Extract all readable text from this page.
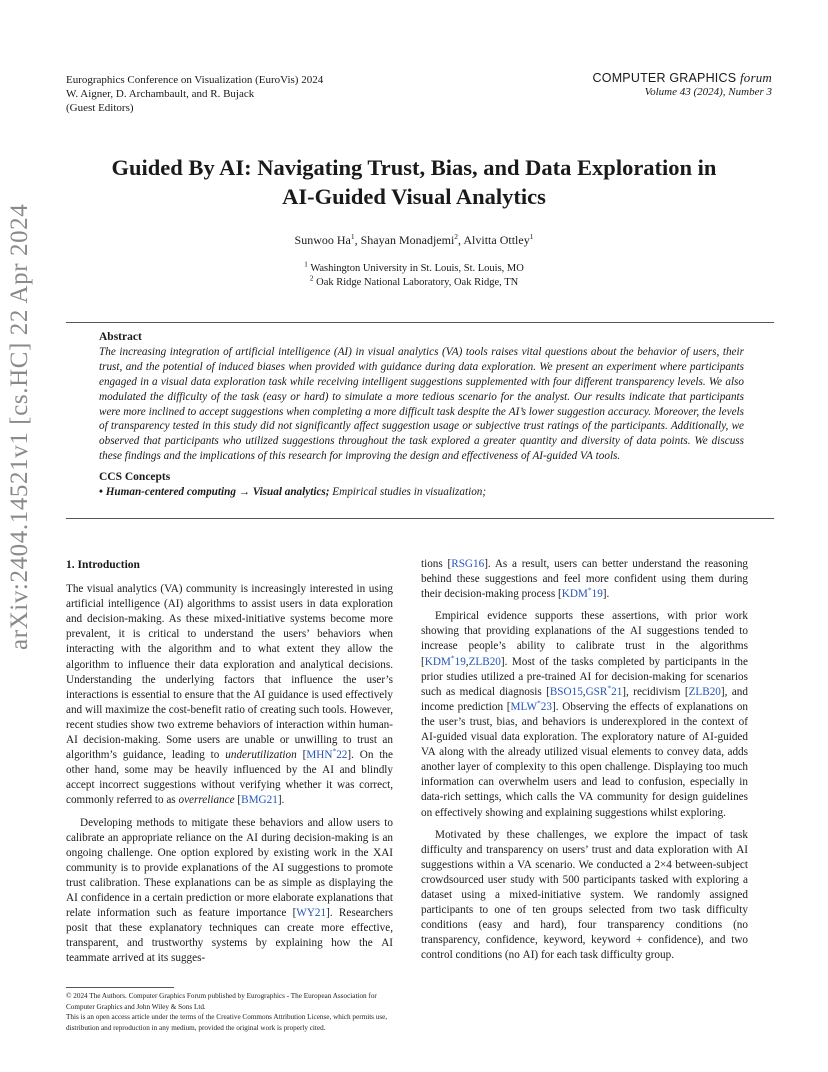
Eurographics Conference on Visualization (EuroVis) 2024
W. Aigner, D. Archambault, and R. Bujack
(Guest Editors)
COMPUTER GRAPHICS forum
Volume 43 (2024), Number 3
arXiv:2404.14521v1 [cs.HC] 22 Apr 2024
Guided By AI: Navigating Trust, Bias, and Data Exploration in
AI-Guided Visual Analytics
Sunwoo Ha$^1$, Shayan Monadjemi$^2$, Alvitta Ottley$^1$
$^1$ Washington University in St. Louis, St. Louis, MO
$^2$ Oak Ridge National Laboratory, Oak Ridge, TN
Abstract
The increasing integration of artificial intelligence (AI) in visual analytics (VA) tools raises vital questions about the behavior of users, their trust, and the potential of induced biases when provided with guidance during data exploration. We present an experiment where participants engaged in a visual data exploration task while receiving intelligent suggestions supplemented with four different transparency levels. We also modulated the difficulty of the task (easy or hard) to simulate a more tedious scenario for the analyst. Our results indicate that participants were more inclined to accept suggestions when completing a more difficult task despite the AI’s lower suggestion accuracy. Moreover, the levels of transparency tested in this study did not significantly affect suggestion usage or subjective trust ratings of the participants. Additionally, we observed that participants who utilized suggestions throughout the task explored a greater quantity and diversity of data points. We discuss these findings and the implications of this research for improving the design and effectiveness of AI-guided VA tools.
CCS Concepts
• Human-centered computing → Visual analytics; Empirical studies in visualization;
1. Introduction

The visual analytics (VA) community is increasingly interested in using artificial intelligence (AI) algorithms to assist users in data exploration and decision-making. As these mixed-initiative systems become more prevalent, it is critical to understand the users’ behaviors when interacting with the algorithm and to what extent they allow the algorithm to influence their data exploration and analytical decisions. Understanding the underlying factors that influence the user’s interactions is essential to ensure that the AI guidance is used effectively and will maximize the cost-benefit ratio of creating such tools. However, recent studies show two extreme behaviors of interaction within human-AI decision-making. Some users are unable or unwilling to trust an algorithm’s guidance, leading to underutilization [MHN*22]. On the other hand, some may be heavily influenced by the AI and blindly accept incorrect suggestions without verifying whether it was correct, commonly referred to as overreliance [BMG21].

Developing methods to mitigate these behaviors and allow users to calibrate an appropriate reliance on the AI during decision-making is an ongoing challenge. One option explored by existing work in the XAI community is to provide explanations of the AI suggestions to promote trust calibration. These explanations can be as simple as displaying the AI confidence in a certain prediction or more elaborate explanations that relate information such as feature importance [WY21]. Researchers posit that these explanatory techniques can create more effective, transparent, and trustworthy systems by explaining how the AI teammate arrived at its sugges-

tions [RSG16]. As a result, users can better understand the reasoning behind these suggestions and feel more confident using them during their decision-making process [KDM*19].

Empirical evidence supports these assertions, with prior work showing that providing explanations of the AI suggestions tended to increase people’s ability to calibrate trust in the algorithms [KDM*19,ZLB20]. Most of the tasks completed by participants in the prior studies utilized a pre-trained AI for decision-making for scenarios such as medical diagnosis [BSO15,GSR*21], recidivism [ZLB20], and income prediction [MLW*23]. Observing the effects of explanations on the user’s trust, bias, and behaviors is underexplored in the context of AI-guided visual data exploration. The exploratory nature of AI-guided VA along with the already utilized visual elements to convey data, adds another layer of complexity to this open challenge. Displaying too much information can overwhelm users and lead to confusion, especially in data-rich settings, which calls the VA community for design guidelines on effectively showing and explaining suggestions whilst exploring.

Motivated by these challenges, we explore the impact of task difficulty and transparency on users’ trust and data exploration with AI suggestions within a VA scenario. We conducted a 2×4 between-subject crowdsourced user study with 500 participants tasked with exploring a dataset using a mixed-initiative system. We randomly assigned participants to one of ten groups selected from two task difficulty conditions (easy and hard), four transparency conditions (no transparency, confidence, keyword, keyword + confidence), and two control conditions (no AI) for each task difficulty group.

© 2024 The Authors. Computer Graphics Forum published by Eurographics - The European Association for Computer Graphics and John Wiley & Sons Ltd.
This is an open access article under the terms of the Creative Commons Attribution License, which permits use, distribution and reproduction in any medium, provided the original work is properly cited.
